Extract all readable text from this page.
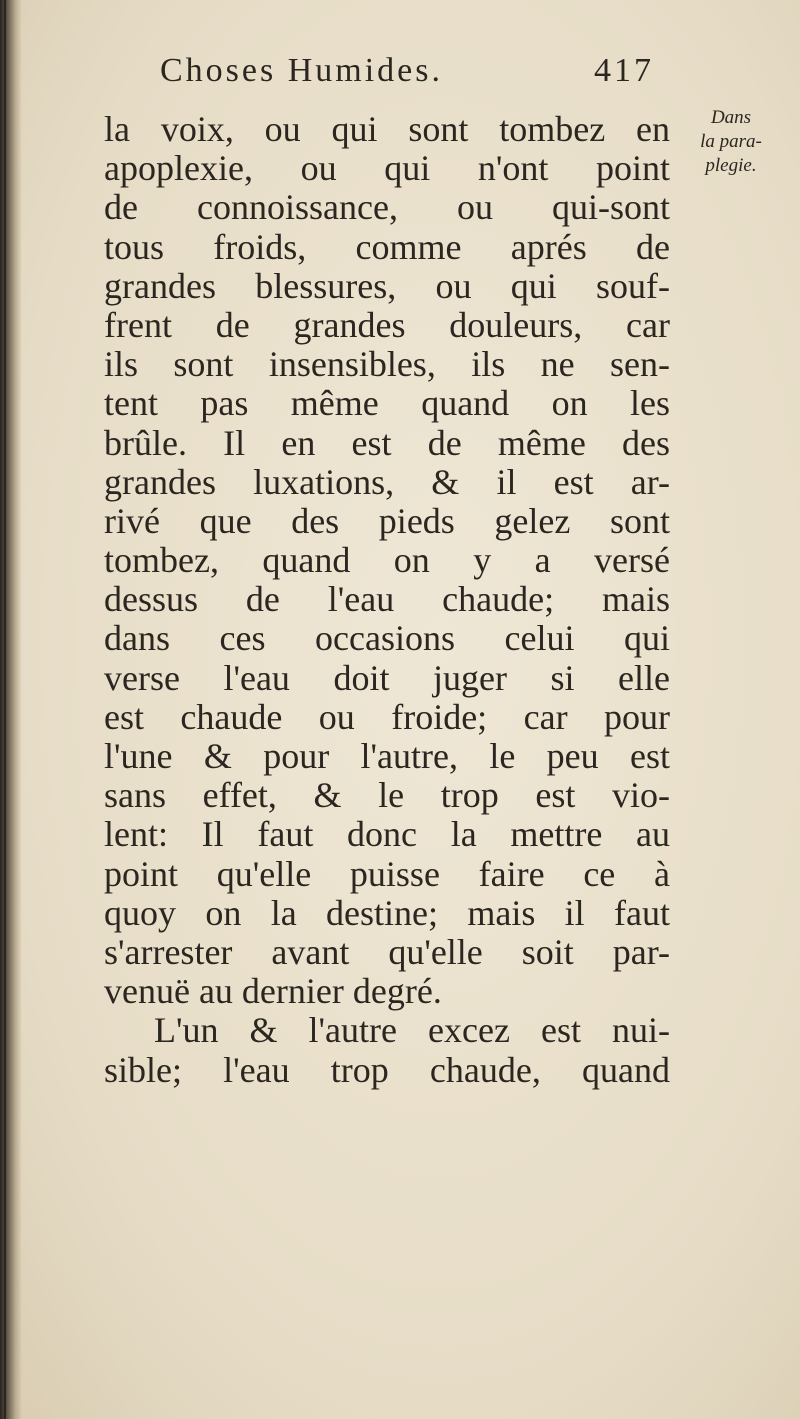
Choses Humides.	417
Dans
la para-
plegie.
la voix, ou qui sont tombez en
apoplexie, ou qui n'ont point
de connoissance, ou qui-sont
tous froids, comme aprés de
grandes blessures, ou qui souf-
frent de grandes douleurs, car
ils sont insensibles, ils ne sen-
tent pas même quand on les
brûle. Il en est de même des
grandes luxations, & il est ar-
rivé que des pieds gelez sont
tombez, quand on y a versé
dessus de l'eau chaude; mais
dans ces occasions celui qui
verse l'eau doit juger si elle
est chaude ou froide; car pour
l'une & pour l'autre, le peu est
sans effet, & le trop est vio-
lent: Il faut donc la mettre au
point qu'elle puisse faire ce à
quoy on la destine; mais il faut
s'arrester avant qu'elle soit par-
venuë au dernier degré.
L'un & l'autre excez est nui-
sible; l'eau trop chaude, quand
